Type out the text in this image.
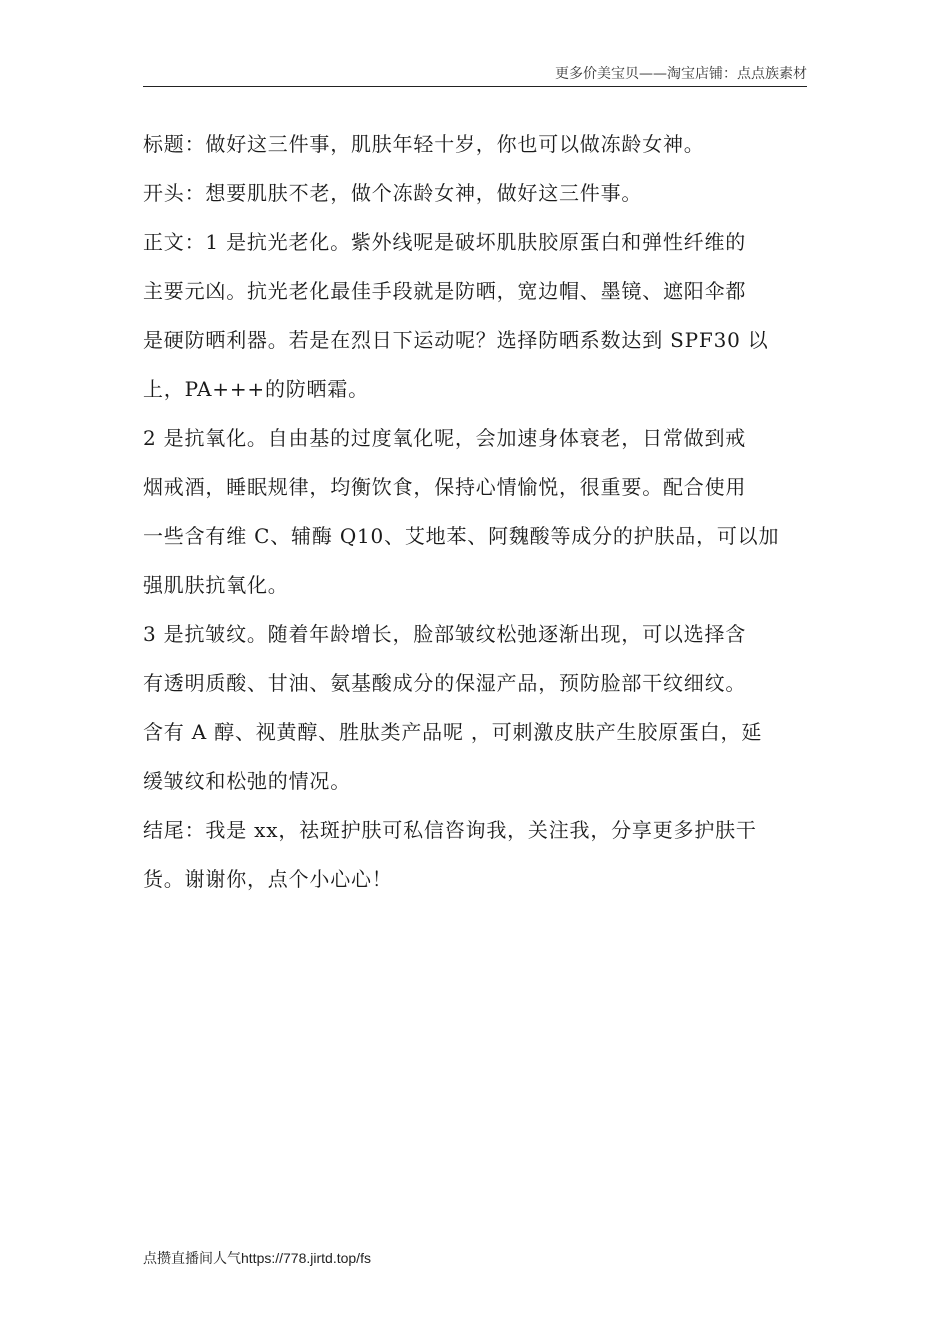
更多价美宝贝——淘宝店铺：点点族素材

标题：做好这三件事，肌肤年轻十岁，你也可以做冻龄女神。

开头：想要肌肤不老，做个冻龄女神，做好这三件事。

正文：1 是抗光老化。紫外线呢是破坏肌肤胶原蛋白和弹性纤维的
主要元凶。抗光老化最佳手段就是防晒，宽边帽、墨镜、遮阳伞都
是硬防晒利器。若是在烈日下运动呢？选择防晒系数达到 SPF30 以
上，PA+++的防晒霜。

2 是抗氧化。自由基的过度氧化呢，会加速身体衰老，日常做到戒
烟戒酒，睡眠规律，均衡饮食，保持心情愉悦，很重要。配合使用
一些含有维 C、辅酶 Q10、艾地苯、阿魏酸等成分的护肤品，可以加
强肌肤抗氧化。

3 是抗皱纹。随着年龄增长，脸部皱纹松弛逐渐出现，可以选择含
有透明质酸、甘油、氨基酸成分的保湿产品，预防脸部干纹细纹。
含有 A 醇、视黄醇、胜肽类产品呢 ，可刺激皮肤产生胶原蛋白，延
缓皱纹和松弛的情况。

结尾：我是 xx，祛斑护肤可私信咨询我，关注我，分享更多护肤干
货。谢谢你，点个小心心！

点攒直播间人气https://778.jirtd.top/fs
